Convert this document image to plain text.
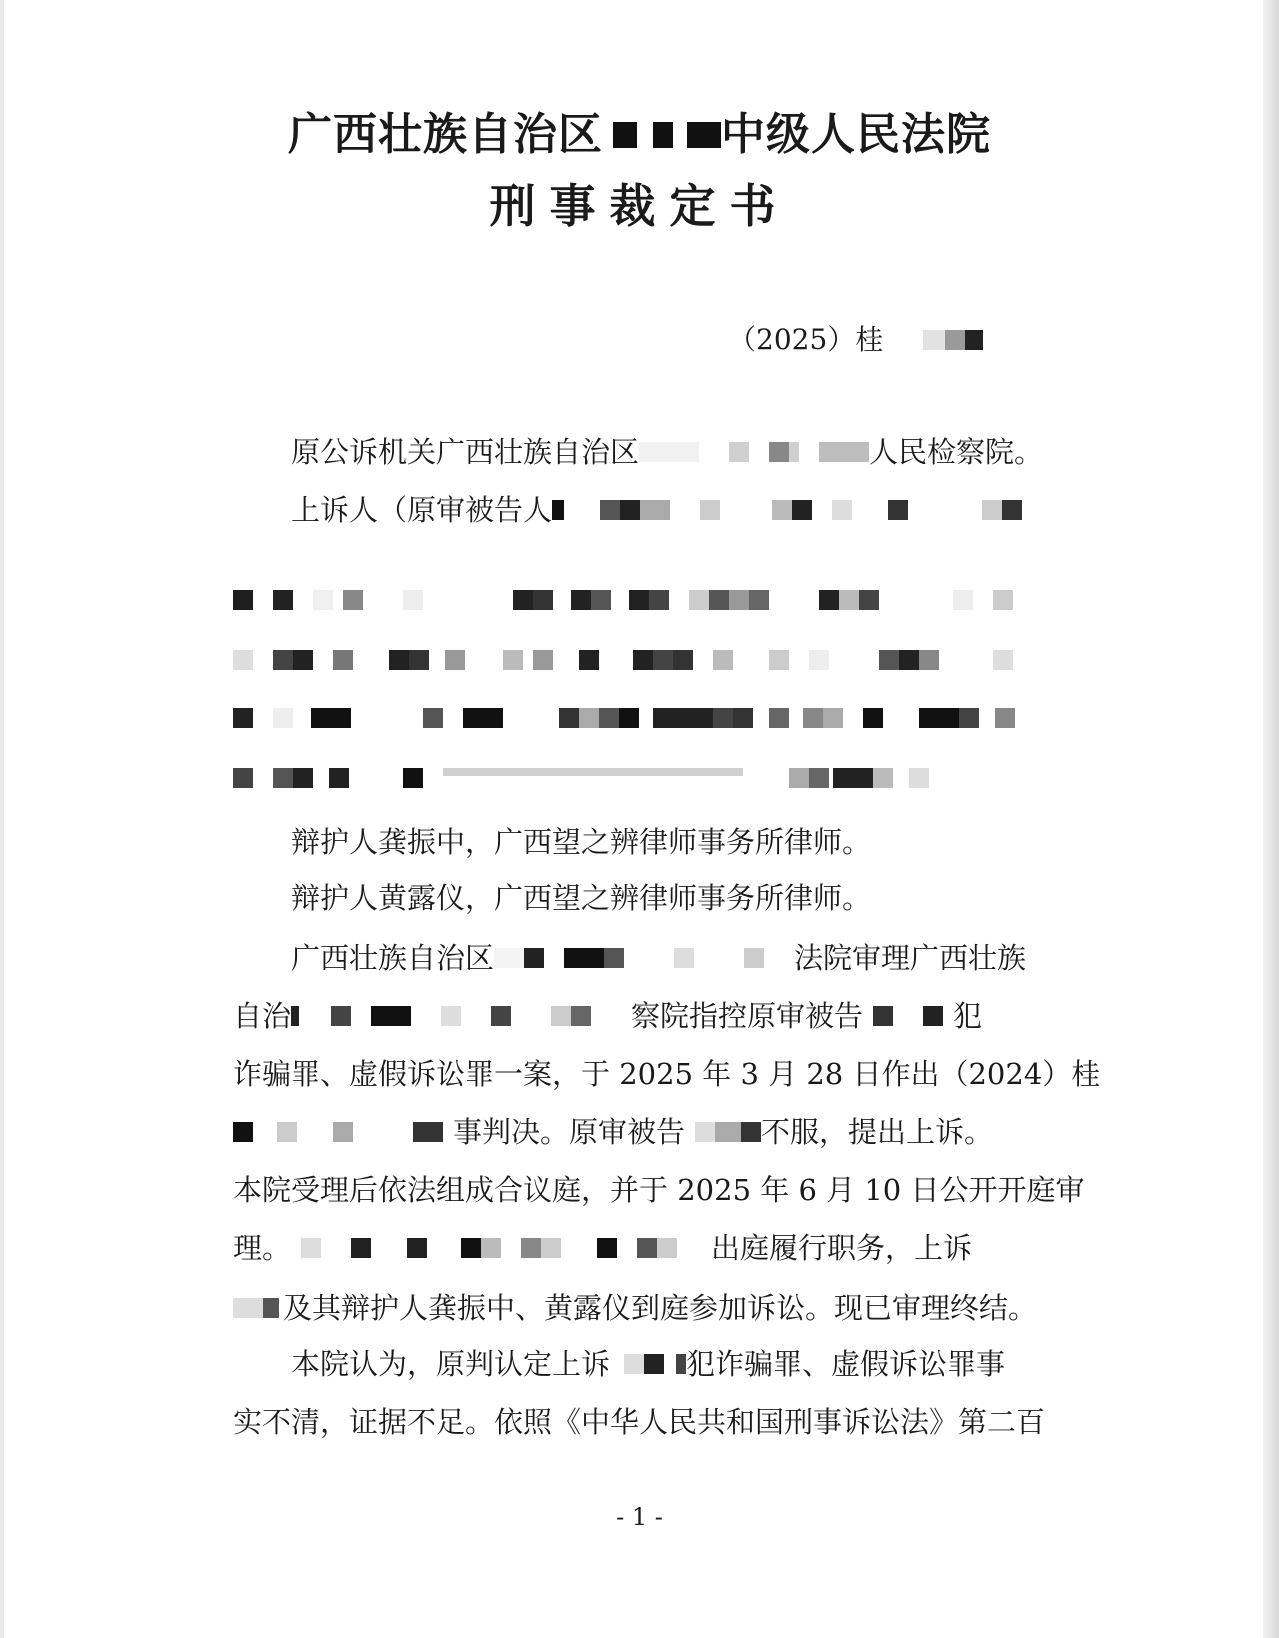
广西壮族自治区	中级人民法院
刑事裁定书
（2025）桂
原公诉机关广西壮族自治区	人民检察院。
上诉人（原审被告人
辩护人龚振中，广西望之辨律师事务所律师。
辩护人黄露仪，广西望之辨律师事务所律师。
广西壮族自治区	法院审理广西壮族
自治	察院指控原审被告	犯
诈骗罪、虚假诉讼罪一案，于 2025 年 3 月 28 日作出（2024）桂
事判决。原审被告	不服，提出上诉。
本院受理后依法组成合议庭，并于 2025 年 6 月 10 日公开开庭审
理。	出庭履行职务，上诉
及其辩护人龚振中、黄露仪到庭参加诉讼。现已审理终结。
本院认为，原判认定上诉	犯诈骗罪、虚假诉讼罪事
实不清，证据不足。依照《中华人民共和国刑事诉讼法》第二百
- 1 -
